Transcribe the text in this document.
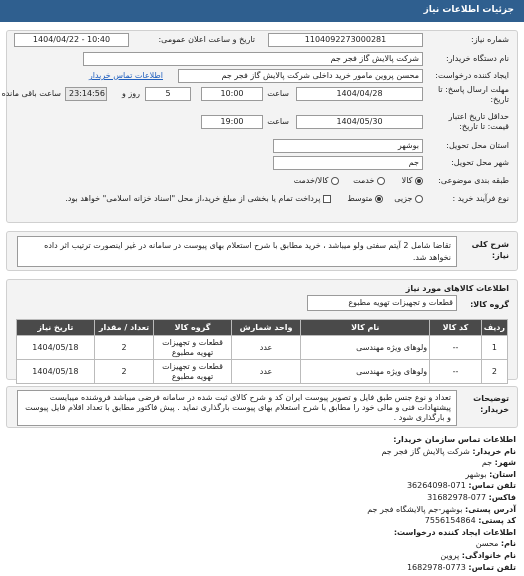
جزئیات اطلاعات نیاز
شماره نیاز:
1104092273000281
تاریخ و ساعت اعلان عمومی:
1404/04/22 - 10:40
نام دستگاه خریدار:
شرکت پالایش گاز فجر جم
ایجاد کننده درخواست:
محسن پروین مامور خرید داخلی شرکت پالایش گاز فجر جم
اطلاعات تماس خریدار
مهلت ارسال پاسخ: تا
تاریخ:
1404/04/28
ساعت
10:00
5
روز و
23:14:56
ساعت باقی مانده
حداقل تاریخ اعتبار
قیمت: تا تاریخ:
1404/05/30
ساعت
19:00
استان محل تحویل:
بوشهر
شهر محل تحویل:
جم
طبقه بندی موضوعی:
کالا
خدمت
کالا/خدمت
نوع فرآیند خرید :
جزیی
متوسط
پرداخت تمام یا بخشی از مبلغ خرید،از محل "اسناد خزانه اسلامی" خواهد بود.
شرح کلی
نیاز:
تقاضا شامل 2 آیتم سفتی ولو میباشد ، خرید مطابق با شرح استعلام بهای پیوست در سامانه در غیر اینصورت ترتیب اثر داده نخواهد شد.
اطلاعات کالاهای مورد نیاز
گروه کالا:
قطعات و تجهیزات تهویه مطبوع
ردیف	کد کالا	نام کالا	واحد شمارش	گروه کالا	تعداد / مقدار	تاریخ نیاز
1	--	ولوهای ویژه مهندسی	عدد	قطعات و تجهیزات تهویه مطبوع	2	1404/05/18
2	--	ولوهای ویژه مهندسی	عدد	قطعات و تجهیزات تهویه مطبوع	2	1404/05/18
توضیحات
خریدار:
تعداد و نوع جنس طبق فایل و تصویر پیوست ایران کد و شرح کالای ثبت شده در سامانه فرضی میباشد فروشنده میبایست پیشنهادات فنی و مالی خود را مطابق با شرح استعلام بهای پیوست بارگذاری نماید . پیش فاکتور مطابق با تعداد اقلام فایل پیوست و بارگذاری شود .
اطلاعات تماس سازمان خریدار:
نام خریدار: شرکت پالایش گاز فجر جم
شهر: جم
استان: بوشهر
تلفن تماس: 071-36264098
فاکس: 077-31682978
آدرس پستی: بوشهر-جم پالایشگاه فجر جم
کد پستی: 7556154864
اطلاعات ایجاد کننده درخواست:
نام: محسن
نام خانوادگی: پروین
تلفن تماس: 0773-1682978
